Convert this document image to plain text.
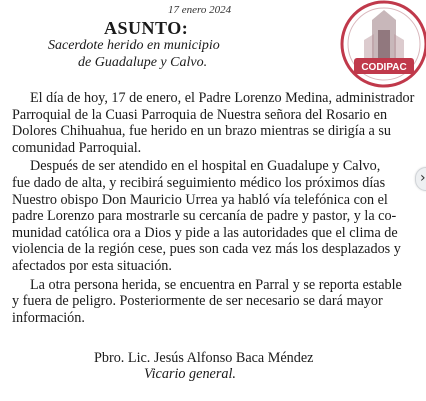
17 enero 2024
ASUNTO:
Sacerdote herido en municipio
de Guadalupe y Calvo.	CODIPAC
El día de hoy, 17 de enero, el Padre Lorenzo Medina, administrador
Parroquial de la Cuasi Parroquia de Nuestra señora del Rosario en
Dolores Chihuahua, fue herido en un brazo mientras se dirigía a su
comunidad Parroquial.
Después de ser atendido en el hospital en Guadalupe y Calvo,
fue dado de alta, y recibirá seguimiento médico los próximos días
Nuestro obispo Don Mauricio Urrea ya habló vía telefónica con el
padre Lorenzo para mostrarle su cercanía de padre y pastor, y la co-
munidad católica ora a Dios y pide a las autoridades que el clima de
violencia de la región cese, pues son cada vez más los desplazados y
afectados por esta situación.
La otra persona herida, se encuentra en Parral y se reporta estable
y fuera de peligro. Posteriormente de ser necesario se dará mayor
información.
Pbro. Lic. Jesús Alfonso Baca Méndez
Vicario general.
›
